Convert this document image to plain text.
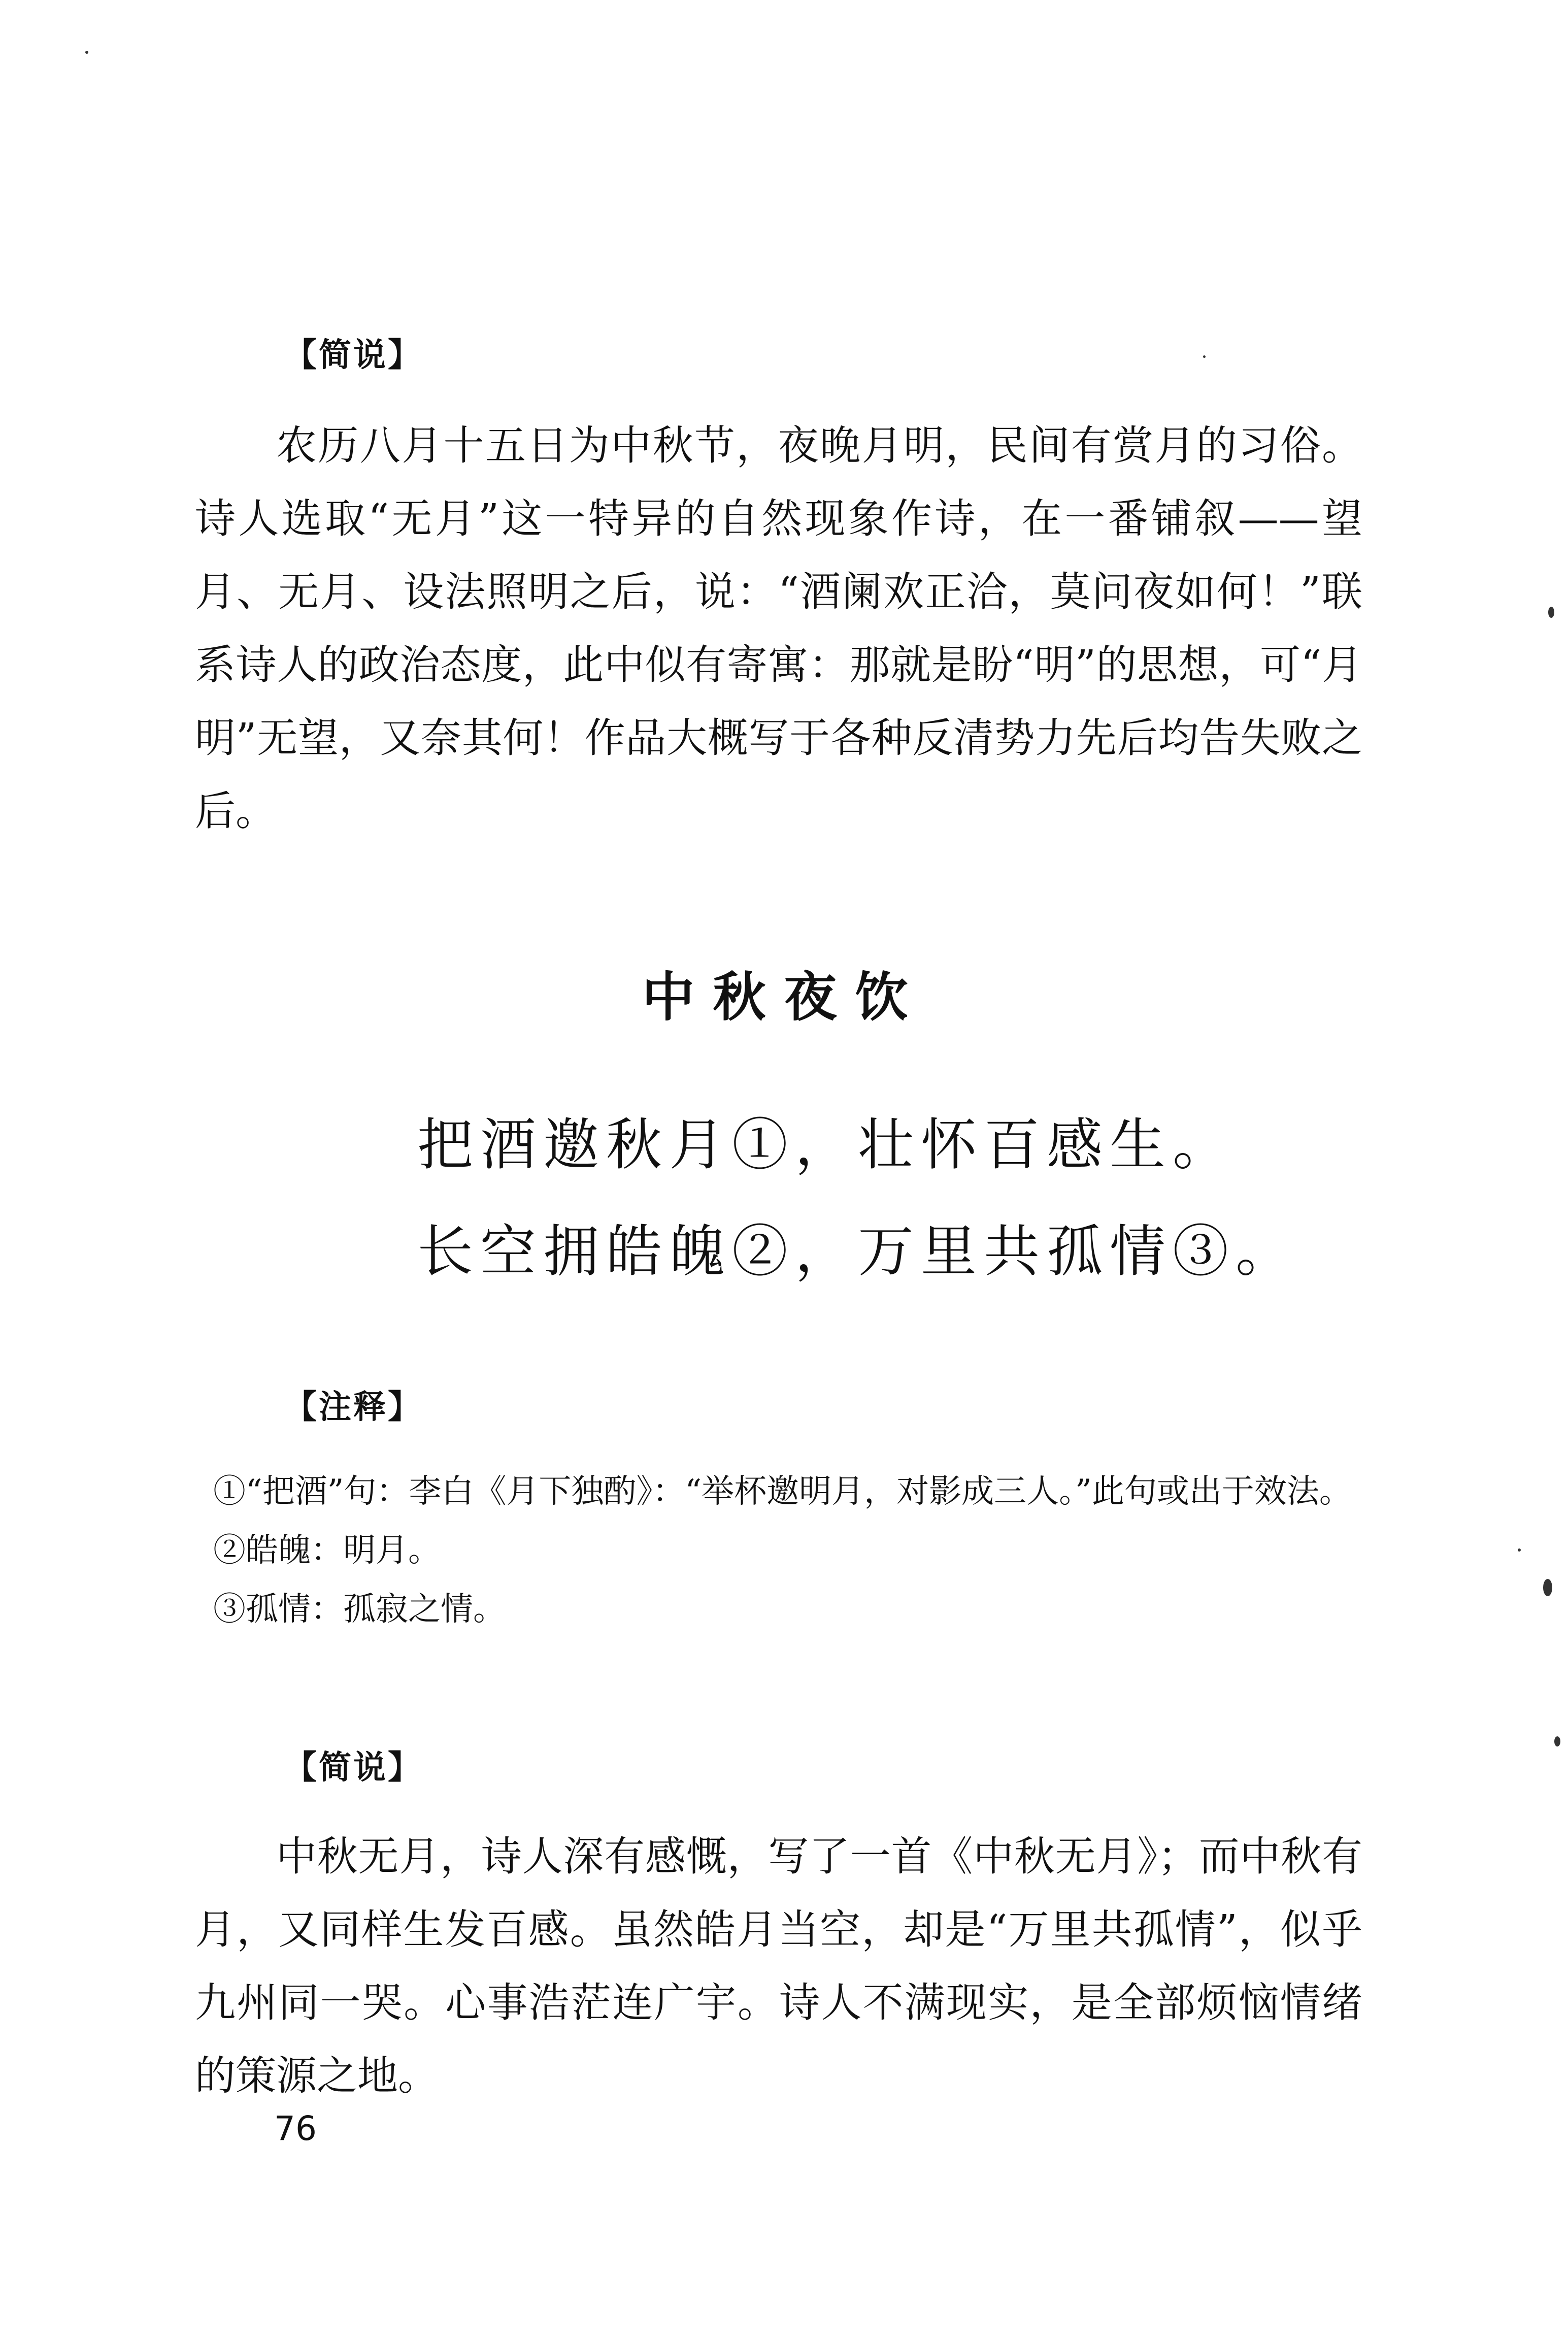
【简说】

农历八月十五日为中秋节，夜晚月明，民间有赏月的习俗。诗人选取“无月”这一特异的自然现象作诗，在一番铺叙——望月、无月、设法照明之后，说：“酒阑欢正洽，莫问夜如何！”联系诗人的政治态度，此中似有寄寓：那就是盼“明”的思想，可“月明”无望，又奈其何！作品大概写于各种反清势力先后均告失败之后。

中秋夜饮
把酒邀秋月①，壮怀百感生。
长空拥皓魄②，万里共孤情③。
【注释】

①“把酒”句：李白《月下独酌》：“举杯邀明月，对影成三人。”此句或出于效法。

②皓魄：明月。

③孤情：孤寂之情。

【简说】

中秋无月，诗人深有感慨，写了一首《中秋无月》；而中秋有月，又同样生发百感。虽然皓月当空，却是“万里共孤情”，似乎九州同一哭。心事浩茫连广宇。诗人不满现实，是全部烦恼情绪的策源之地。

76
